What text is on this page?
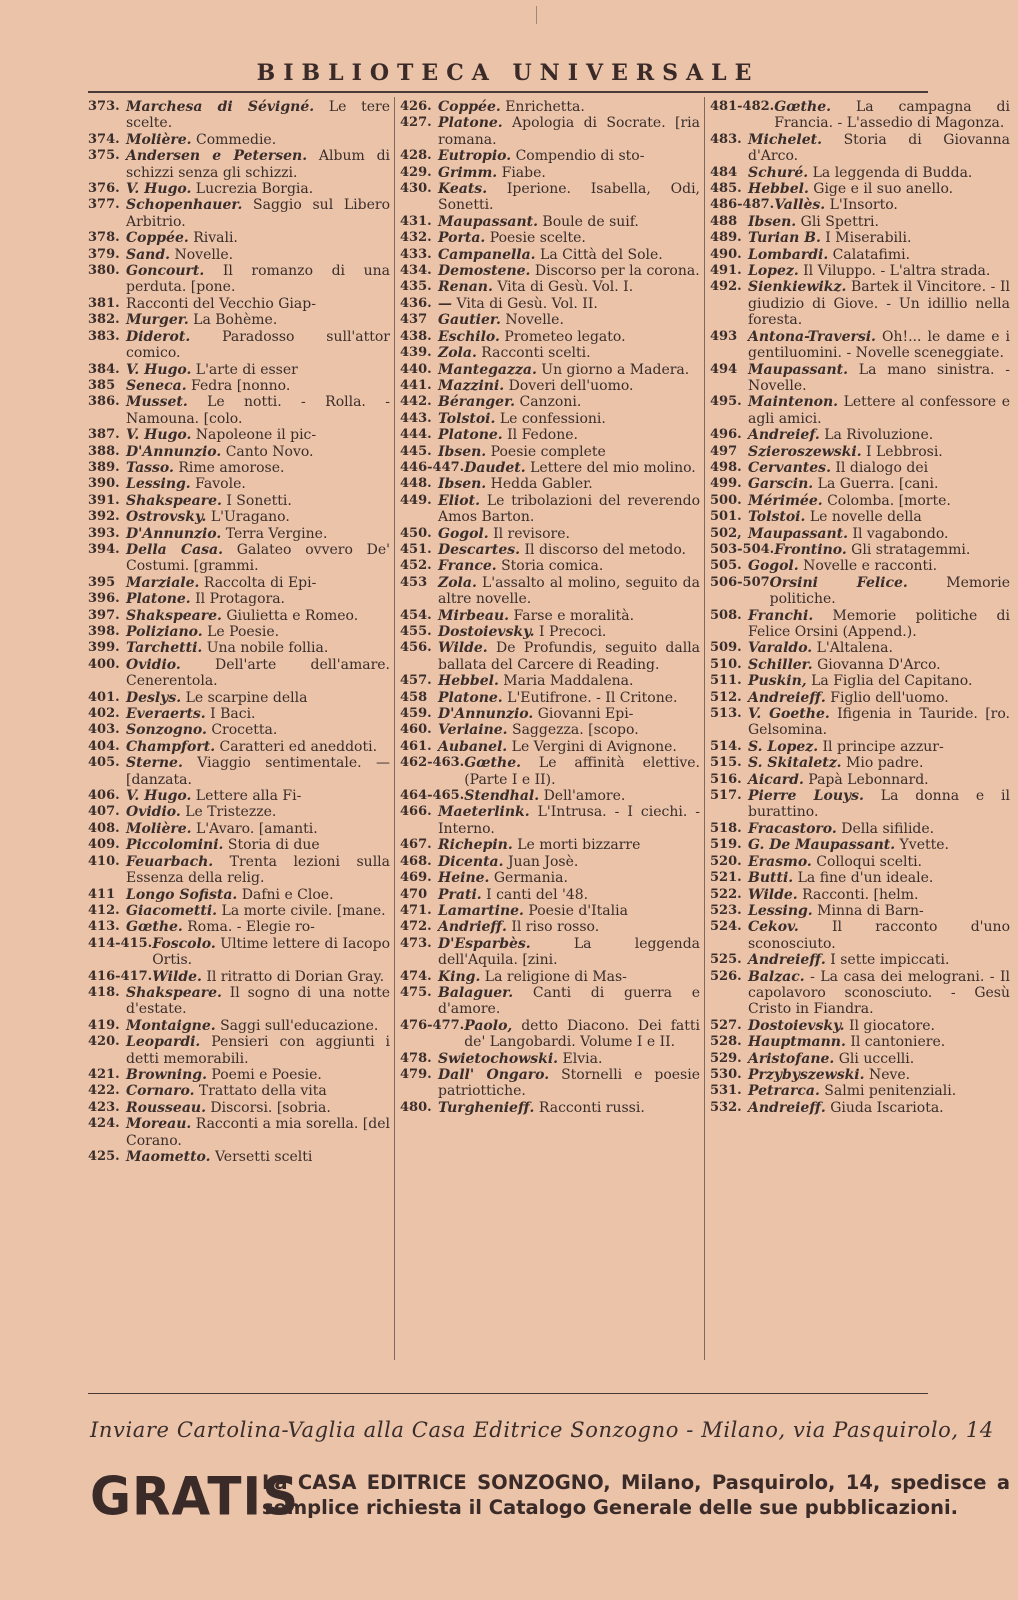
BIBLIOTECA UNIVERSALE
373. Marchesa di Sévigné. Le tere scelte.
374. Molière. Commedie.
375. Andersen e Petersen. Album di schizzi senza gli schizzi.
376. V. Hugo. Lucrezia Borgia.
377. Schopenhauer. Saggio sul Libero Arbitrio.
378. Coppée. Rivali.
379. Sand. Novelle.
380. Goncourt. Il romanzo di una perduta. [pone.
381. Racconti del Vecchio Giap-
382. Murger. La Bohème.
383. Diderot. Paradosso sull'attor comico.
384. V. Hugo. L'arte di esser
385 Seneca. Fedra [nonno.
386. Musset. Le notti. - Rolla. - Namouna. [colo.
387. V. Hugo. Napoleone il pic-
388. D'Annunzio. Canto Novo.
389. Tasso. Rime amorose.
390. Lessing. Favole.
391. Shakspeare. I Sonetti.
392. Ostrovsky. L'Uragano.
393. D'Annunzio. Terra Vergine.
394. Della Casa. Galateo ovvero De' Costumi. [grammi.
395 Marziale. Raccolta di Epi-
396. Platone. Il Protagora.
397. Shakspeare. Giulietta e Romeo.
398. Poliziano. Le Poesie.
399. Tarchetti. Una nobile follia.
400. Ovidio. Dell'arte dell'amare. Cenerentola.
401. Deslys. Le scarpine della
402. Everaerts. I Baci.
403. Sonzogno. Crocetta.
404. Champfort. Caratteri ed aneddoti.
405. Sterne. Viaggio sentimentale. — [danzata.
406. V. Hugo. Lettere alla Fi-
407. Ovidio. Le Tristezze.
408. Molière. L'Avaro. [amanti.
409. Piccolomini. Storia di due
410. Feuarbach. Trenta lezioni sulla Essenza della relig.
411 Longo Sofista. Dafni e Cloe.
412. Giacometti. La morte civile. [mane.
413. Gœthe. Roma. - Elegie ro-
414-415. Foscolo. Ultime lettere di Iacopo Ortis.
416-417. Wilde. Il ritratto di Dorian Gray.
418. Shakspeare. Il sogno di una notte d'estate.
419. Montaigne. Saggi sull'educazione.
420. Leopardi. Pensieri con aggiunti i detti memorabili.
421. Browning. Poemi e Poesie.
422. Cornaro. Trattato della vita
423. Rousseau. Discorsi. [sobria.
424. Moreau. Racconti a mia sorella. [del Corano.
425. Maometto. Versetti scelti
426. Coppée. Enrichetta.
427. Platone. Apologia di Socrate. [ria romana.
428. Eutropio. Compendio di sto-
429. Grimm. Fiabe.
430. Keats. Iperione. Isabella, Odi, Sonetti.
431. Maupassant. Boule de suif.
432. Porta. Poesie scelte.
433. Campanella. La Città del Sole.
434. Demostene. Discorso per la corona.
435. Renan. Vita di Gesù. Vol. I.
436. — Vita di Gesù. Vol. II.
437 Gautier. Novelle.
438. Eschilo. Prometeo legato.
439. Zola. Racconti scelti.
440. Mantegazza. Un giorno a Madera.
441. Mazzini. Doveri dell'uomo.
442. Béranger. Canzoni.
443. Tolstoi. Le confessioni.
444. Platone. Il Fedone.
445. Ibsen. Poesie complete
446-447. Daudet. Lettere del mio molino.
448. Ibsen. Hedda Gabler.
449. Eliot. Le tribolazioni del reverendo Amos Barton.
450. Gogol. Il revisore.
451. Descartes. Il discorso del metodo.
452. France. Storia comica.
453 Zola. L'assalto al molino, seguito da altre novelle.
454. Mirbeau. Farse e moralità.
455. Dostoievsky. I Precoci.
456. Wilde. De Profundis, seguito dalla ballata del Carcere di Reading.
457. Hebbel. Maria Maddalena.
458 Platone. L'Eutifrone. - Il Critone.
459. D'Annunzio. Giovanni Epi-
460. Verlaine. Saggezza. [scopo.
461. Aubanel. Le Vergini di Avignone.
462-463. Gœthe. Le affinità elettive. (Parte I e II).
464-465. Stendhal. Dell'amore.
466. Maeterlink. L'Intrusa. - I ciechi. - Interno.
467. Richepin. Le morti bizzarre
468. Dicenta. Juan Josè.
469. Heine. Germania.
470 Prati. I canti del '48.
471. Lamartine. Poesie d'Italia
472. Andrieff. Il riso rosso.
473. D'Esparbès.	La leggenda dell'Aquila. [zini.
474. King. La religione di Mas-
475. Balaguer. Canti di guerra e d'amore.
476-477. Paolo, detto Diacono. Dei fatti de' Langobardi. Volume I e II.
478. Swietochowski. Elvia.
479. Dall' Ongaro. Stornelli e poesie patriottiche.
480. Turghenieff. Racconti russi.
481-482. Gœthe. La campagna di Francia. - L'assedio di Magonza.
483. Michelet. Storia di Giovanna d'Arco.
484 Schuré. La leggenda di Budda.
485. Hebbel. Gige e il suo anello.
486-487. Vallès. L'Insorto.
488 Ibsen. Gli Spettri.
489. Turian B. I Miserabili.
490. Lombardi. Calatafimi.
491. Lopez. Il Viluppo. - L'altra strada.
492. Sienkiewikz. Bartek il Vincitore. - Il giudizio di Giove. - Un idillio nella foresta.
493 Antona-Traversi. Oh!... le dame e i gentiluomini. - Novelle sceneggiate.
494 Maupassant. La mano sinistra. - Novelle.
495. Maintenon. Lettere al confessore e agli amici.
496. Andreief. La Rivoluzione.
497 Szieroszewski. I Lebbrosi.
498. Cervantes. Il dialogo dei
499. Garscin. La Guerra. [cani.
500. Mérimée. Colomba. [morte.
501. Tolstoi. Le novelle della
502, Maupassant. Il vagabondo.
503-504. Frontino. Gli stratagemmi.
505. Gogol. Novelle e racconti.
506-507 Orsini Felice.	Memorie politiche.
508. Franchi. Memorie politiche di Felice Orsini (Append.).
509. Varaldo. L'Altalena.
510. Schiller. Giovanna D'Arco.
511. Puskin, La Figlia del Capitano.
512. Andreieff. Figlio dell'uomo.
513. V. Goethe. Ifigenia in Tauride. [ro. Gelsomina.
514. S. Lopez. Il principe azzur-
515. S. Skitaletz. Mio padre.
516. Aicard. Papà Lebonnard.
517. Pierre Louys. La donna e il burattino.
518. Fracastoro. Della sifilide.
519. G. De Maupassant. Yvette.
520. Erasmo. Colloqui scelti.
521. Butti. La fine d'un ideale.
522. Wilde. Racconti. [helm.
523. Lessing. Minna di Barn-
524. Cekov. Il racconto d'uno sconosciuto.
525. Andreieff. I sette impiccati.
526. Balzac. - La casa dei melograni. - Il capolavoro sconosciuto. - Gesù Cristo in Fiandra.
527. Dostoievsky. Il giocatore.
528. Hauptmann. Il cantoniere.
529. Aristofane. Gli uccelli.
530. Przybyszewski. Neve.
531. Petrarca. Salmi penitenziali.
532. Andreieff. Giuda Iscariota.
Inviare Cartolina-Vaglia alla Casa Editrice Sonzogno - Milano, via Pasquirolo, 14
GRATIS
La CASA EDITRICE SONZOGNO, Milano, Pasquirolo, 14, spedisce a semplice richiesta il Catalogo Generale delle sue pubblicazioni.
